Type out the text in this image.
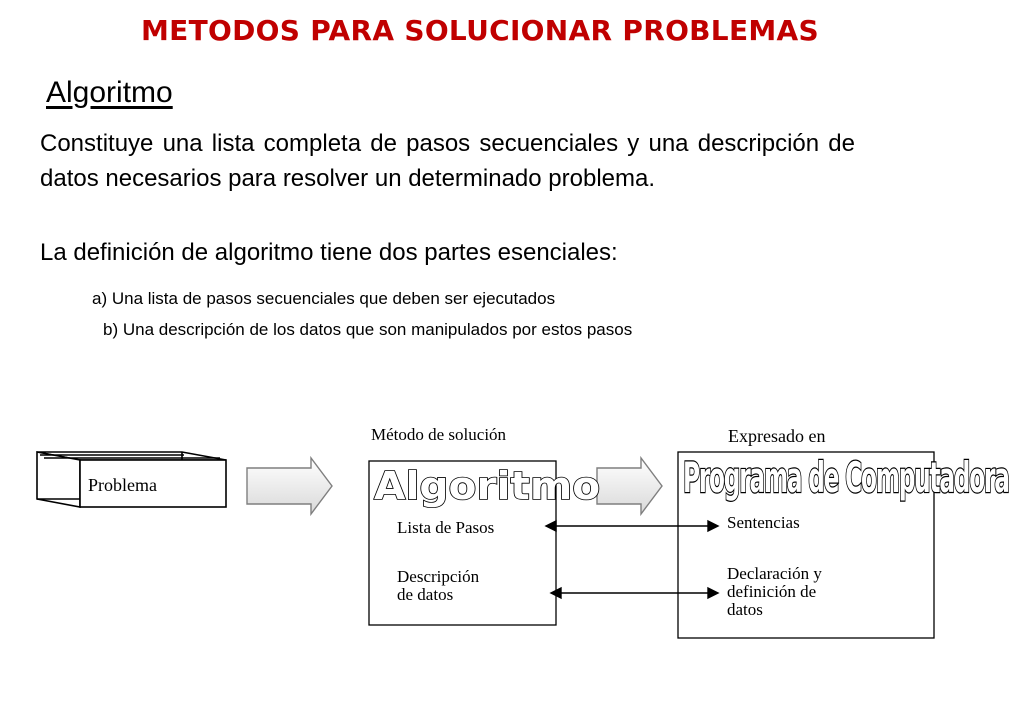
METODOS PARA SOLUCIONAR PROBLEMAS
Algoritmo
Constituye una lista completa de pasos secuenciales y una descripción de datos necesarios para resolver un determinado problema.
La definición de algoritmo tiene dos partes esenciales:
a) Una lista de pasos secuenciales que deben ser ejecutados
b) Una descripción de los datos que son manipulados por estos pasos
Problema
Método de solución
Algoritmo
Lista de Pasos
Descripción
de datos
Expresado en
Programa de Computadora
Sentencias
Declaración y
definición de
datos
